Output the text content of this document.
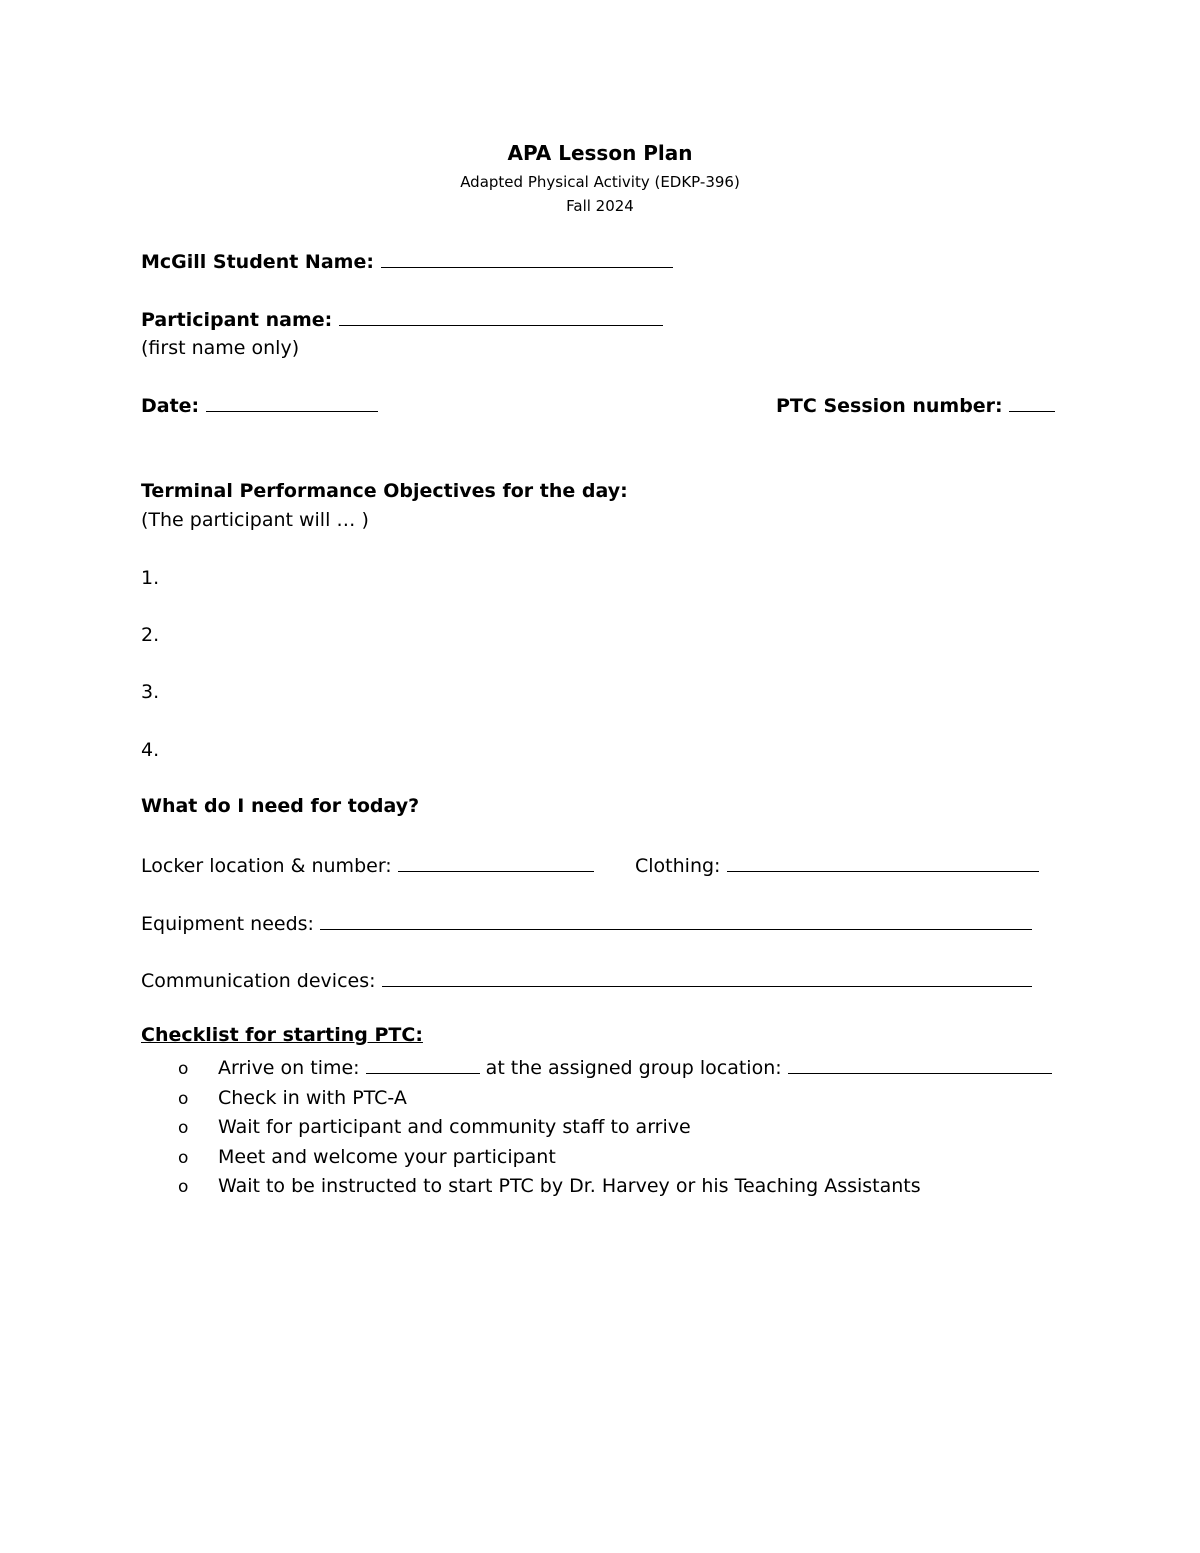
APA Lesson Plan
Adapted Physical Activity (EDKP-396)
Fall 2024
McGill Student Name:
Participant name:
(first name only)
Date:	PTC Session number:
Terminal Performance Objectives for the day:
(The participant will … )
1.
2.
3.
4.
What do I need for today?
Locker location & number:	Clothing:
Equipment needs:
Communication devices:
Checklist for starting PTC:
o Arrive on time:	at the assigned group location:
o Check in with PTC-A
o Wait for participant and community staff to arrive
o Meet and welcome your participant
o Wait to be instructed to start PTC by Dr. Harvey or his Teaching Assistants
